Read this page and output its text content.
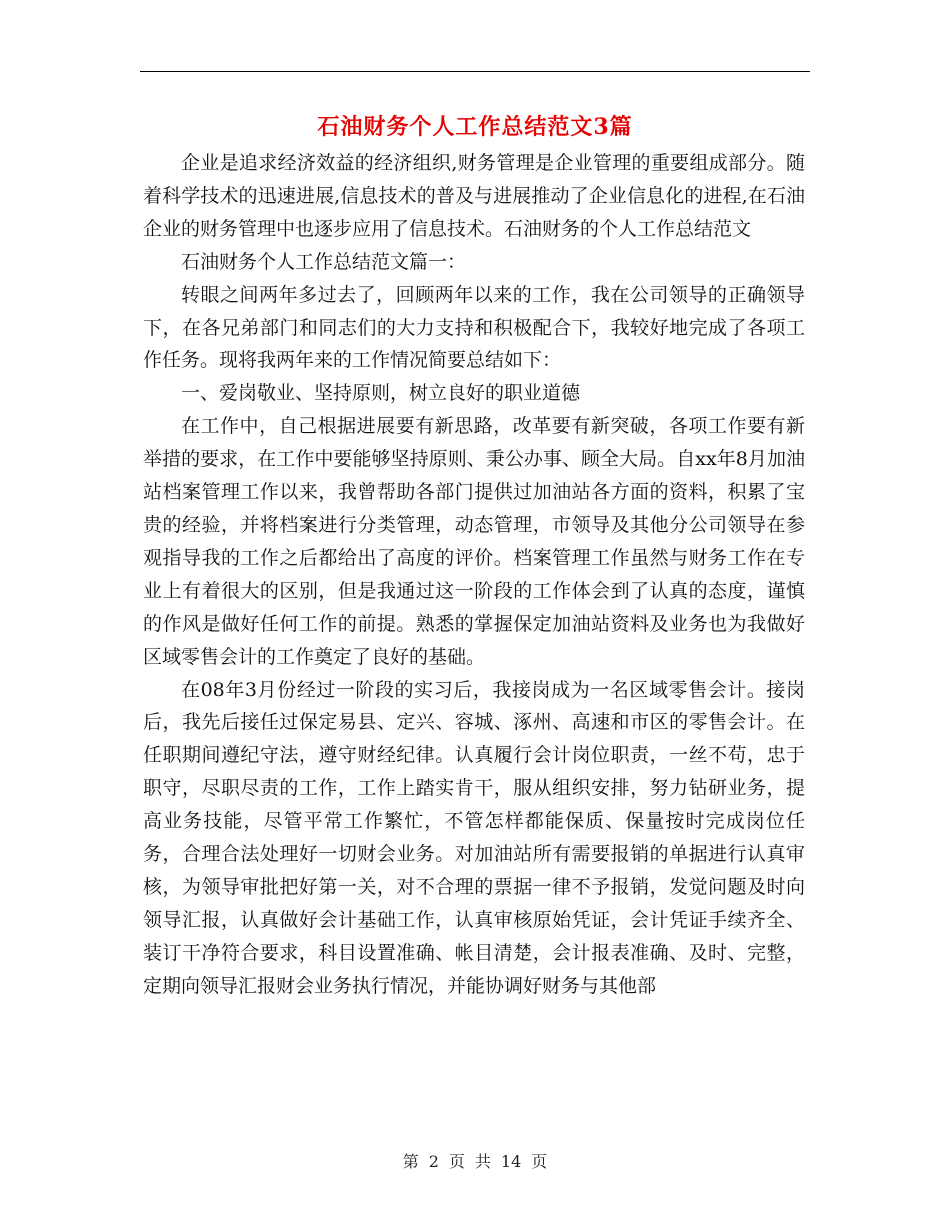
石油财务个人工作总结范文3篇

企业是追求经济效益的经济组织,财务管理是企业管理的重要组成部分。随着科学技术的迅速进展,信息技术的普及与进展推动了企业信息化的进程,在石油企业的财务管理中也逐步应用了信息技术。石油财务的个人工作总结范文

石油财务个人工作总结范文篇一：

转眼之间两年多过去了，回顾两年以来的工作，我在公司领导的正确领导下，在各兄弟部门和同志们的大力支持和积极配合下，我较好地完成了各项工作任务。现将我两年来的工作情况简要总结如下：

一、爱岗敬业、坚持原则，树立良好的职业道德

在工作中，自己根据进展要有新思路，改革要有新突破，各项工作要有新举措的要求，在工作中要能够坚持原则、秉公办事、顾全大局。自xx年8月加油站档案管理工作以来，我曾帮助各部门提供过加油站各方面的资料，积累了宝贵的经验，并将档案进行分类管理，动态管理，市领导及其他分公司领导在参观指导我的工作之后都给出了高度的评价。档案管理工作虽然与财务工作在专业上有着很大的区别，但是我通过这一阶段的工作体会到了认真的态度，谨慎的作风是做好任何工作的前提。熟悉的掌握保定加油站资料及业务也为我做好区域零售会计的工作奠定了良好的基础。

在08年3月份经过一阶段的实习后，我接岗成为一名区域零售会计。接岗后，我先后接任过保定易县、定兴、容城、涿州、高速和市区的零售会计。在任职期间遵纪守法，遵守财经纪律。认真履行会计岗位职责，一丝不苟，忠于职守，尽职尽责的工作，工作上踏实肯干，服从组织安排，努力钻研业务，提高业务技能，尽管平常工作繁忙，不管怎样都能保质、保量按时完成岗位任务，合理合法处理好一切财会业务。对加油站所有需要报销的单据进行认真审核，为领导审批把好第一关，对不合理的票据一律不予报销，发觉问题及时向领导汇报，认真做好会计基础工作，认真审核原始凭证，会计凭证手续齐全、装订干净符合要求，科目设置准确、帐目清楚，会计报表准确、及时、完整，定期向领导汇报财会业务执行情况，并能协调好财务与其他部

第 2 页 共 14 页
